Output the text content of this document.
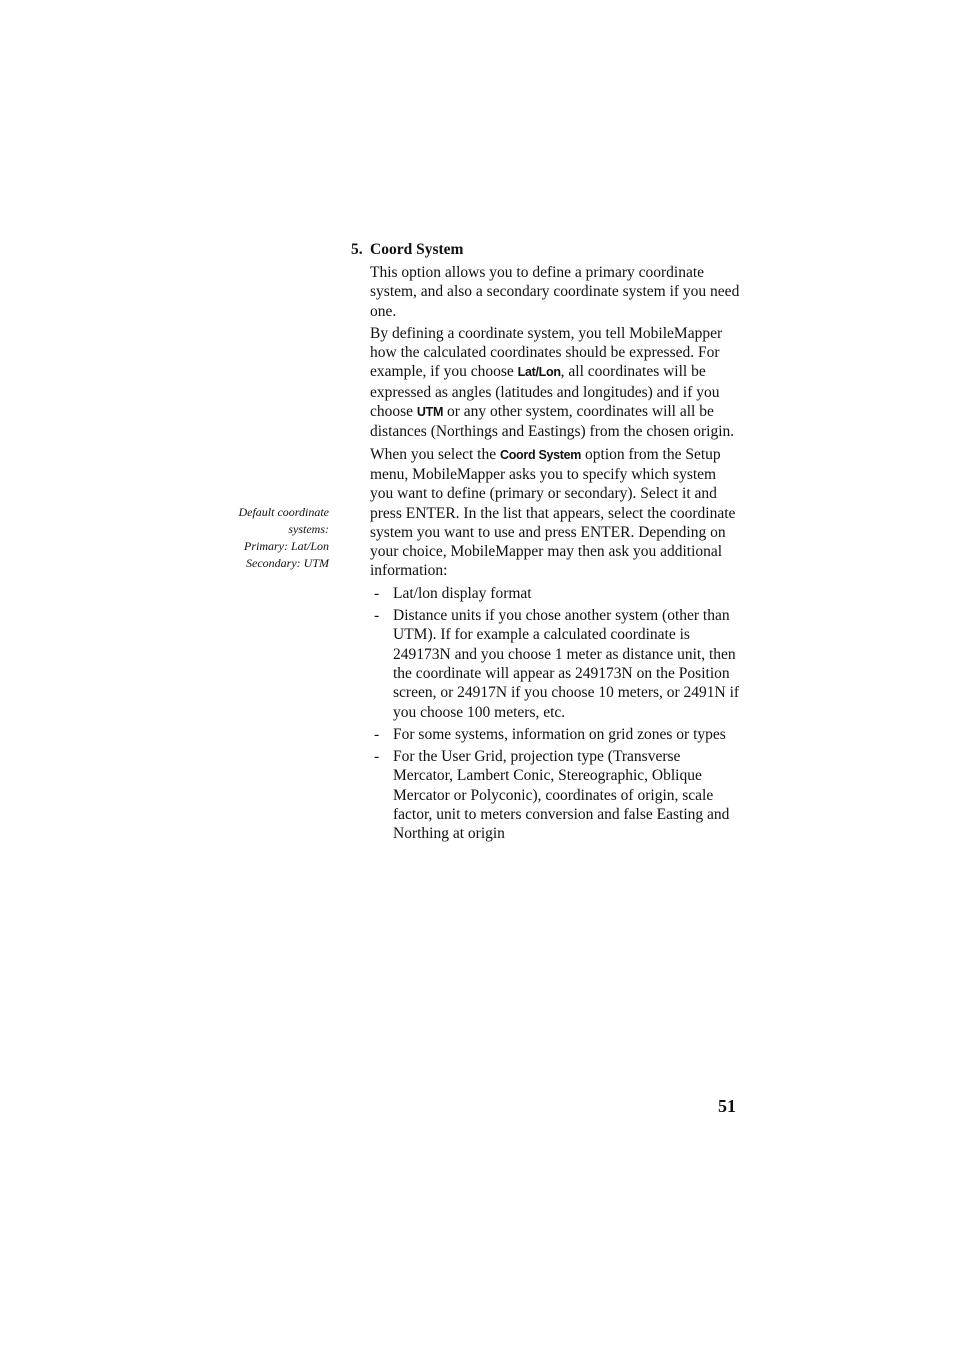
5. Coord System
Default coordinate
systems:
Primary: Lat/Lon
Secondary: UTM

This option allows you to define a primary coordinate system, and also a secondary coordinate system if you need one.

By defining a coordinate system, you tell MobileMapper how the calculated coordinates should be expressed. For example, if you choose Lat/Lon, all coordinates will be expressed as angles (latitudes and longitudes) and if you choose UTM or any other system, coordinates will all be distances (Northings and Eastings) from the chosen origin.

When you select the Coord System option from the Setup menu, MobileMapper asks you to specify which system you want to define (primary or secondary). Select it and press ENTER. In the list that appears, select the coordinate system you want to use and press ENTER. Depending on your choice, MobileMapper may then ask you additional information:

- Lat/lon display format
- Distance units if you chose another system (other than UTM). If for example a calculated coordinate is 249173N and you choose 1 meter as distance unit, then the coordinate will appear as 249173N on the Position screen, or 24917N if you choose 10 meters, or 2491N if you choose 100 meters, etc.
- For some systems, information on grid zones or types
- For the User Grid, projection type (Transverse Mercator, Lambert Conic, Stereographic, Oblique Mercator or Polyconic), coordinates of origin, scale factor, unit to meters conversion and false Easting and Northing at origin
51
